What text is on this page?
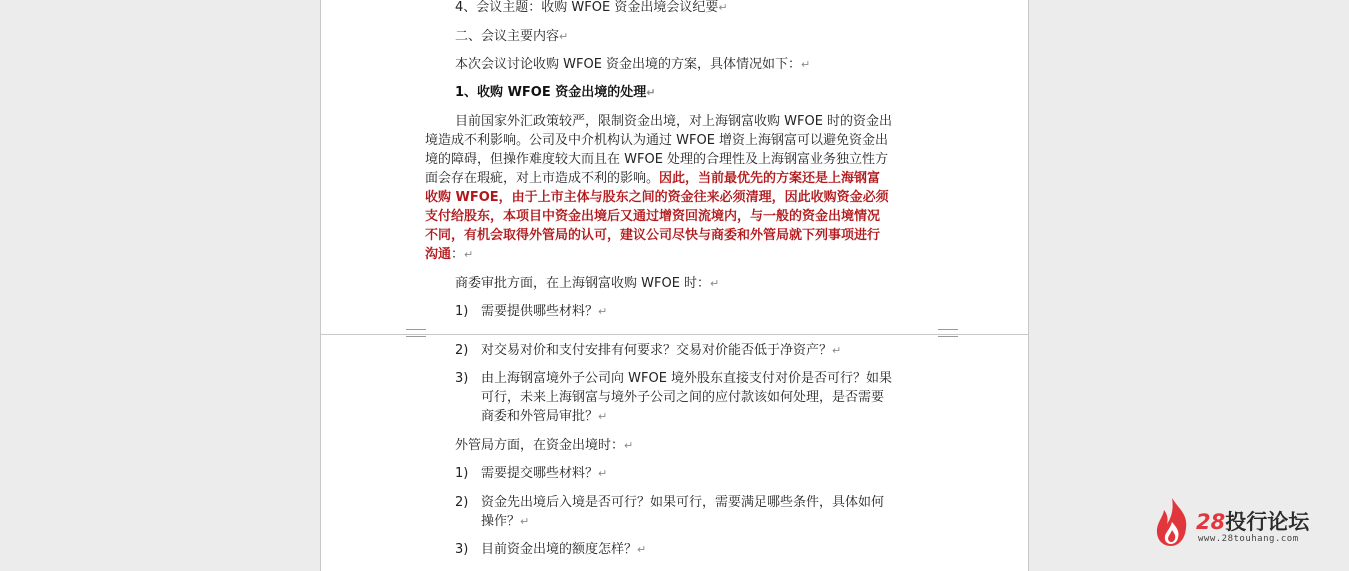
4、会议主题：收购 WFOE 资金出境会议纪要↵
二、会议主要内容↵
本次会议讨论收购 WFOE 资金出境的方案，具体情况如下：↵
1、收购 WFOE 资金出境的处理↵
目前国家外汇政策较严，限制资金出境，对上海钢富收购 WFOE 时的资金出
境造成不利影响。公司及中介机构认为通过 WFOE 增资上海钢富可以避免资金出
境的障碍，但操作难度较大而且在 WFOE 处理的合理性及上海钢富业务独立性方
面会存在瑕疵，对上市造成不利的影响。因此，当前最优先的方案还是上海钢富
收购 WFOE，由于上市主体与股东之间的资金往来必须清理，因此收购资金必须
支付给股东，本项目中资金出境后又通过增资回流境内，与一般的资金出境情况
不同，有机会取得外管局的认可，建议公司尽快与商委和外管局就下列事项进行
沟通：↵
商委审批方面，在上海钢富收购 WFOE 时：↵
1) 需要提供哪些材料？↵
2) 对交易对价和支付安排有何要求？交易对价能否低于净资产？↵
3) 由上海钢富境外子公司向 WFOE 境外股东直接支付对价是否可行？如果
可行，未来上海钢富与境外子公司之间的应付款该如何处理，是否需要
商委和外管局审批？↵
外管局方面，在资金出境时：↵
1) 需要提交哪些材料？↵
2) 资金先出境后入境是否可行？如果可行，需要满足哪些条件，具体如何
操作？↵
3) 目前资金出境的额度怎样？↵
28投行论坛
www.28touhang.com
